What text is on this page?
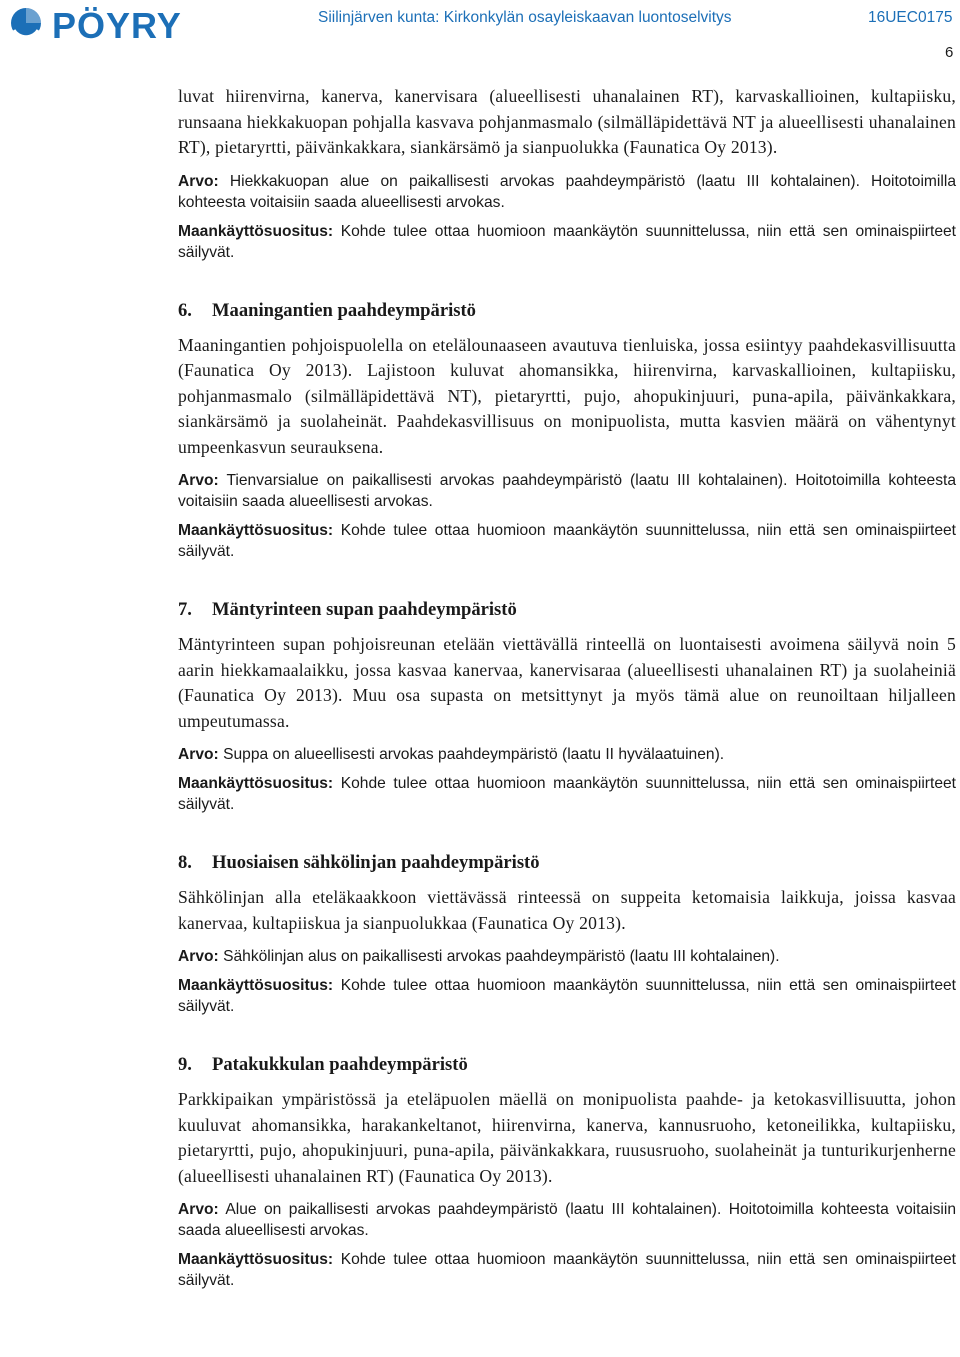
PÖYRY	Siilinjärven kunta: Kirkonkylän osayleiskaavan luontoselvitys	16UEC0175
6

luvat hiirenvirna, kanerva, kanervisara (alueellisesti uhanalainen RT), karvaskallioinen, kultapiisku, runsaana hiekkakuopan pohjalla kasvava pohjanmasmalo (silmälläpidettävä NT ja alueellisesti uhanalainen RT), pietaryrtti, päivänkakkara, siankärsämö ja sianpuolukka (Faunatica Oy 2013).

Arvo: Hiekkakuopan alue on paikallisesti arvokas paahdeympäristö (laatu III kohtalainen). Hoitotoimilla kohteesta voitaisiin saada alueellisesti arvokas.

Maankäyttösuositus: Kohde tulee ottaa huomioon maankäytön suunnittelussa, niin että sen ominaispiirteet säilyvät.

6.	Maaningantien paahdeympäristö

Maaningantien pohjoispuolella on etelälounaaseen avautuva tienluiska, jossa esiintyy paahdekasvillisuutta (Faunatica Oy 2013). Lajistoon kuluvat ahomansikka, hiirenvirna, karvaskallioinen, kultapiisku, pohjanmasmalo (silmälläpidettävä NT), pietaryrtti, pujo, ahopukinjuuri, puna-apila, päivänkakkara, siankärsämö ja suolaheinät. Paahdekasvillisuus on monipuolista, mutta kasvien määrä on vähentynyt umpeenkasvun seurauksena.

Arvo: Tienvarsialue on paikallisesti arvokas paahdeympäristö (laatu III kohtalainen). Hoitotoimilla kohteesta voitaisiin saada alueellisesti arvokas.

Maankäyttösuositus: Kohde tulee ottaa huomioon maankäytön suunnittelussa, niin että sen ominaispiirteet säilyvät.

7.	Mäntyrinteen supan paahdeympäristö

Mäntyrinteen supan pohjoisreunan etelään viettävällä rinteellä on luontaisesti avoimena säilyvä noin 5 aarin hiekkamaalaikku, jossa kasvaa kanervaa, kanervisaraa (alueellisesti uhanalainen RT) ja suolaheiniä (Faunatica Oy 2013). Muu osa supasta on metsittynyt ja myös tämä alue on reunoiltaan hiljalleen umpeutumassa.

Arvo: Suppa on alueellisesti arvokas paahdeympäristö (laatu II hyvälaatuinen).

Maankäyttösuositus: Kohde tulee ottaa huomioon maankäytön suunnittelussa, niin että sen ominaispiirteet säilyvät.

8.	Huosiaisen sähkölinjan paahdeympäristö

Sähkölinjan alla eteläkaakkoon viettävässä rinteessä on suppeita ketomaisia laikkuja, joissa kasvaa kanervaa, kultapiiskua ja sianpuolukkaa (Faunatica Oy 2013).

Arvo: Sähkölinjan alus on paikallisesti arvokas paahdeympäristö (laatu III kohtalainen).

Maankäyttösuositus: Kohde tulee ottaa huomioon maankäytön suunnittelussa, niin että sen ominaispiirteet säilyvät.

9.	Patakukkulan paahdeympäristö

Parkkipaikan ympäristössä ja eteläpuolen mäellä on monipuolista paahde- ja ketokasvillisuutta, johon kuuluvat ahomansikka, harakankeltanot, hiirenvirna, kanerva, kannusruoho, ketoneilikka, kultapiisku, pietaryrtti, pujo, ahopukinjuuri, puna-apila, päivänkakkara, ruususruoho, suolaheinät ja tunturikurjenherne (alueellisesti uhanalainen RT) (Faunatica Oy 2013).

Arvo: Alue on paikallisesti arvokas paahdeympäristö (laatu III kohtalainen). Hoitotoimilla kohteesta voitaisiin saada alueellisesti arvokas.

Maankäyttösuositus: Kohde tulee ottaa huomioon maankäytön suunnittelussa, niin että sen ominaispiirteet säilyvät.
